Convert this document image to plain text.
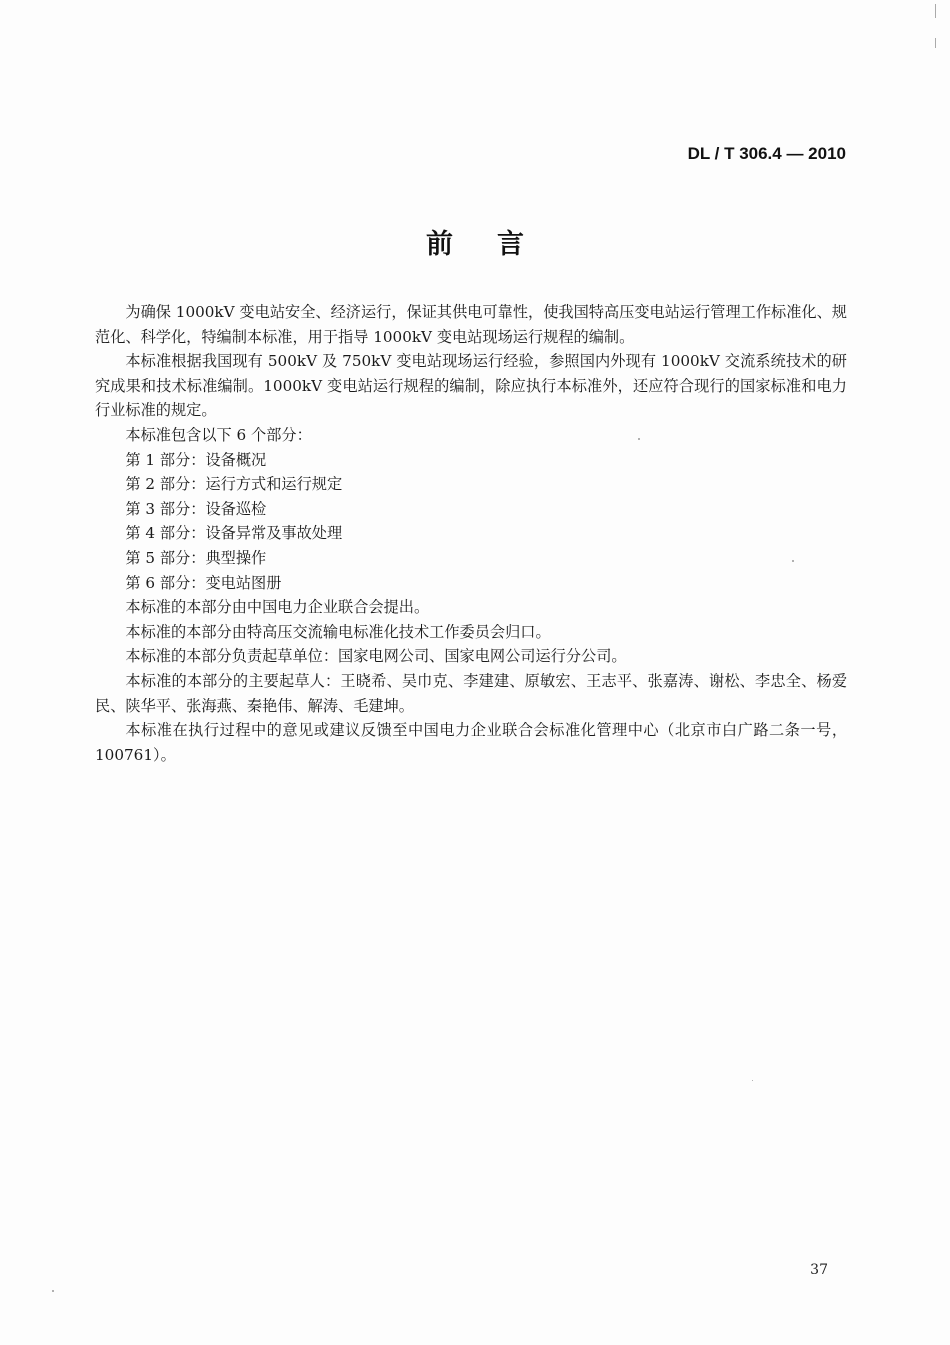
DL / T 306.4 — 2010
前言

为确保 1000kV 变电站安全、经济运行，保证其供电可靠性，使我国特高压变电站运行管理工作标准化、规范化、科学化，特编制本标准，用于指导 1000kV 变电站现场运行规程的编制。

本标准根据我国现有 500kV 及 750kV 变电站现场运行经验，参照国内外现有 1000kV 交流系统技术的研究成果和技术标准编制。1000kV 变电站运行规程的编制，除应执行本标准外，还应符合现行的国家标准和电力行业标准的规定。

本标准包含以下 6 个部分：

第 1 部分：设备概况

第 2 部分：运行方式和运行规定

第 3 部分：设备巡检

第 4 部分：设备异常及事故处理

第 5 部分：典型操作

第 6 部分：变电站图册

本标准的本部分由中国电力企业联合会提出。

本标准的本部分由特高压交流输电标准化技术工作委员会归口。

本标准的本部分负责起草单位：国家电网公司、国家电网公司运行分公司。

本标准的本部分的主要起草人：王晓希、吴巾克、李建建、原敏宏、王志平、张嘉涛、谢松、李忠全、杨爱民、陕华平、张海燕、秦艳伟、解涛、毛建坤。

本标准在执行过程中的意见或建议反馈至中国电力企业联合会标准化管理中心（北京市白广路二条一号，100761）。

37
